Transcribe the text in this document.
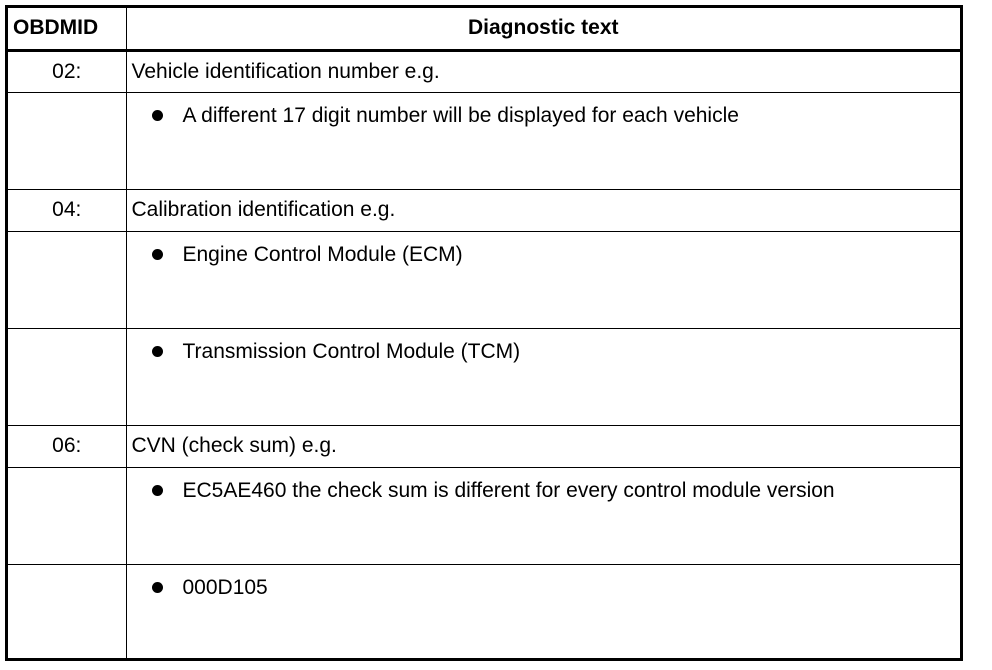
OBDMID	Diagnostic text
02:	Vehicle identification number e.g.

	A different 17 digit number will be displayed for each vehicle

04:	Calibration identification e.g.

	Engine Control Module (ECM)

	Transmission Control Module (TCM)

06:	CVN (check sum) e.g.

	EC5AE460 the check sum is different for every control module version

	000D105
